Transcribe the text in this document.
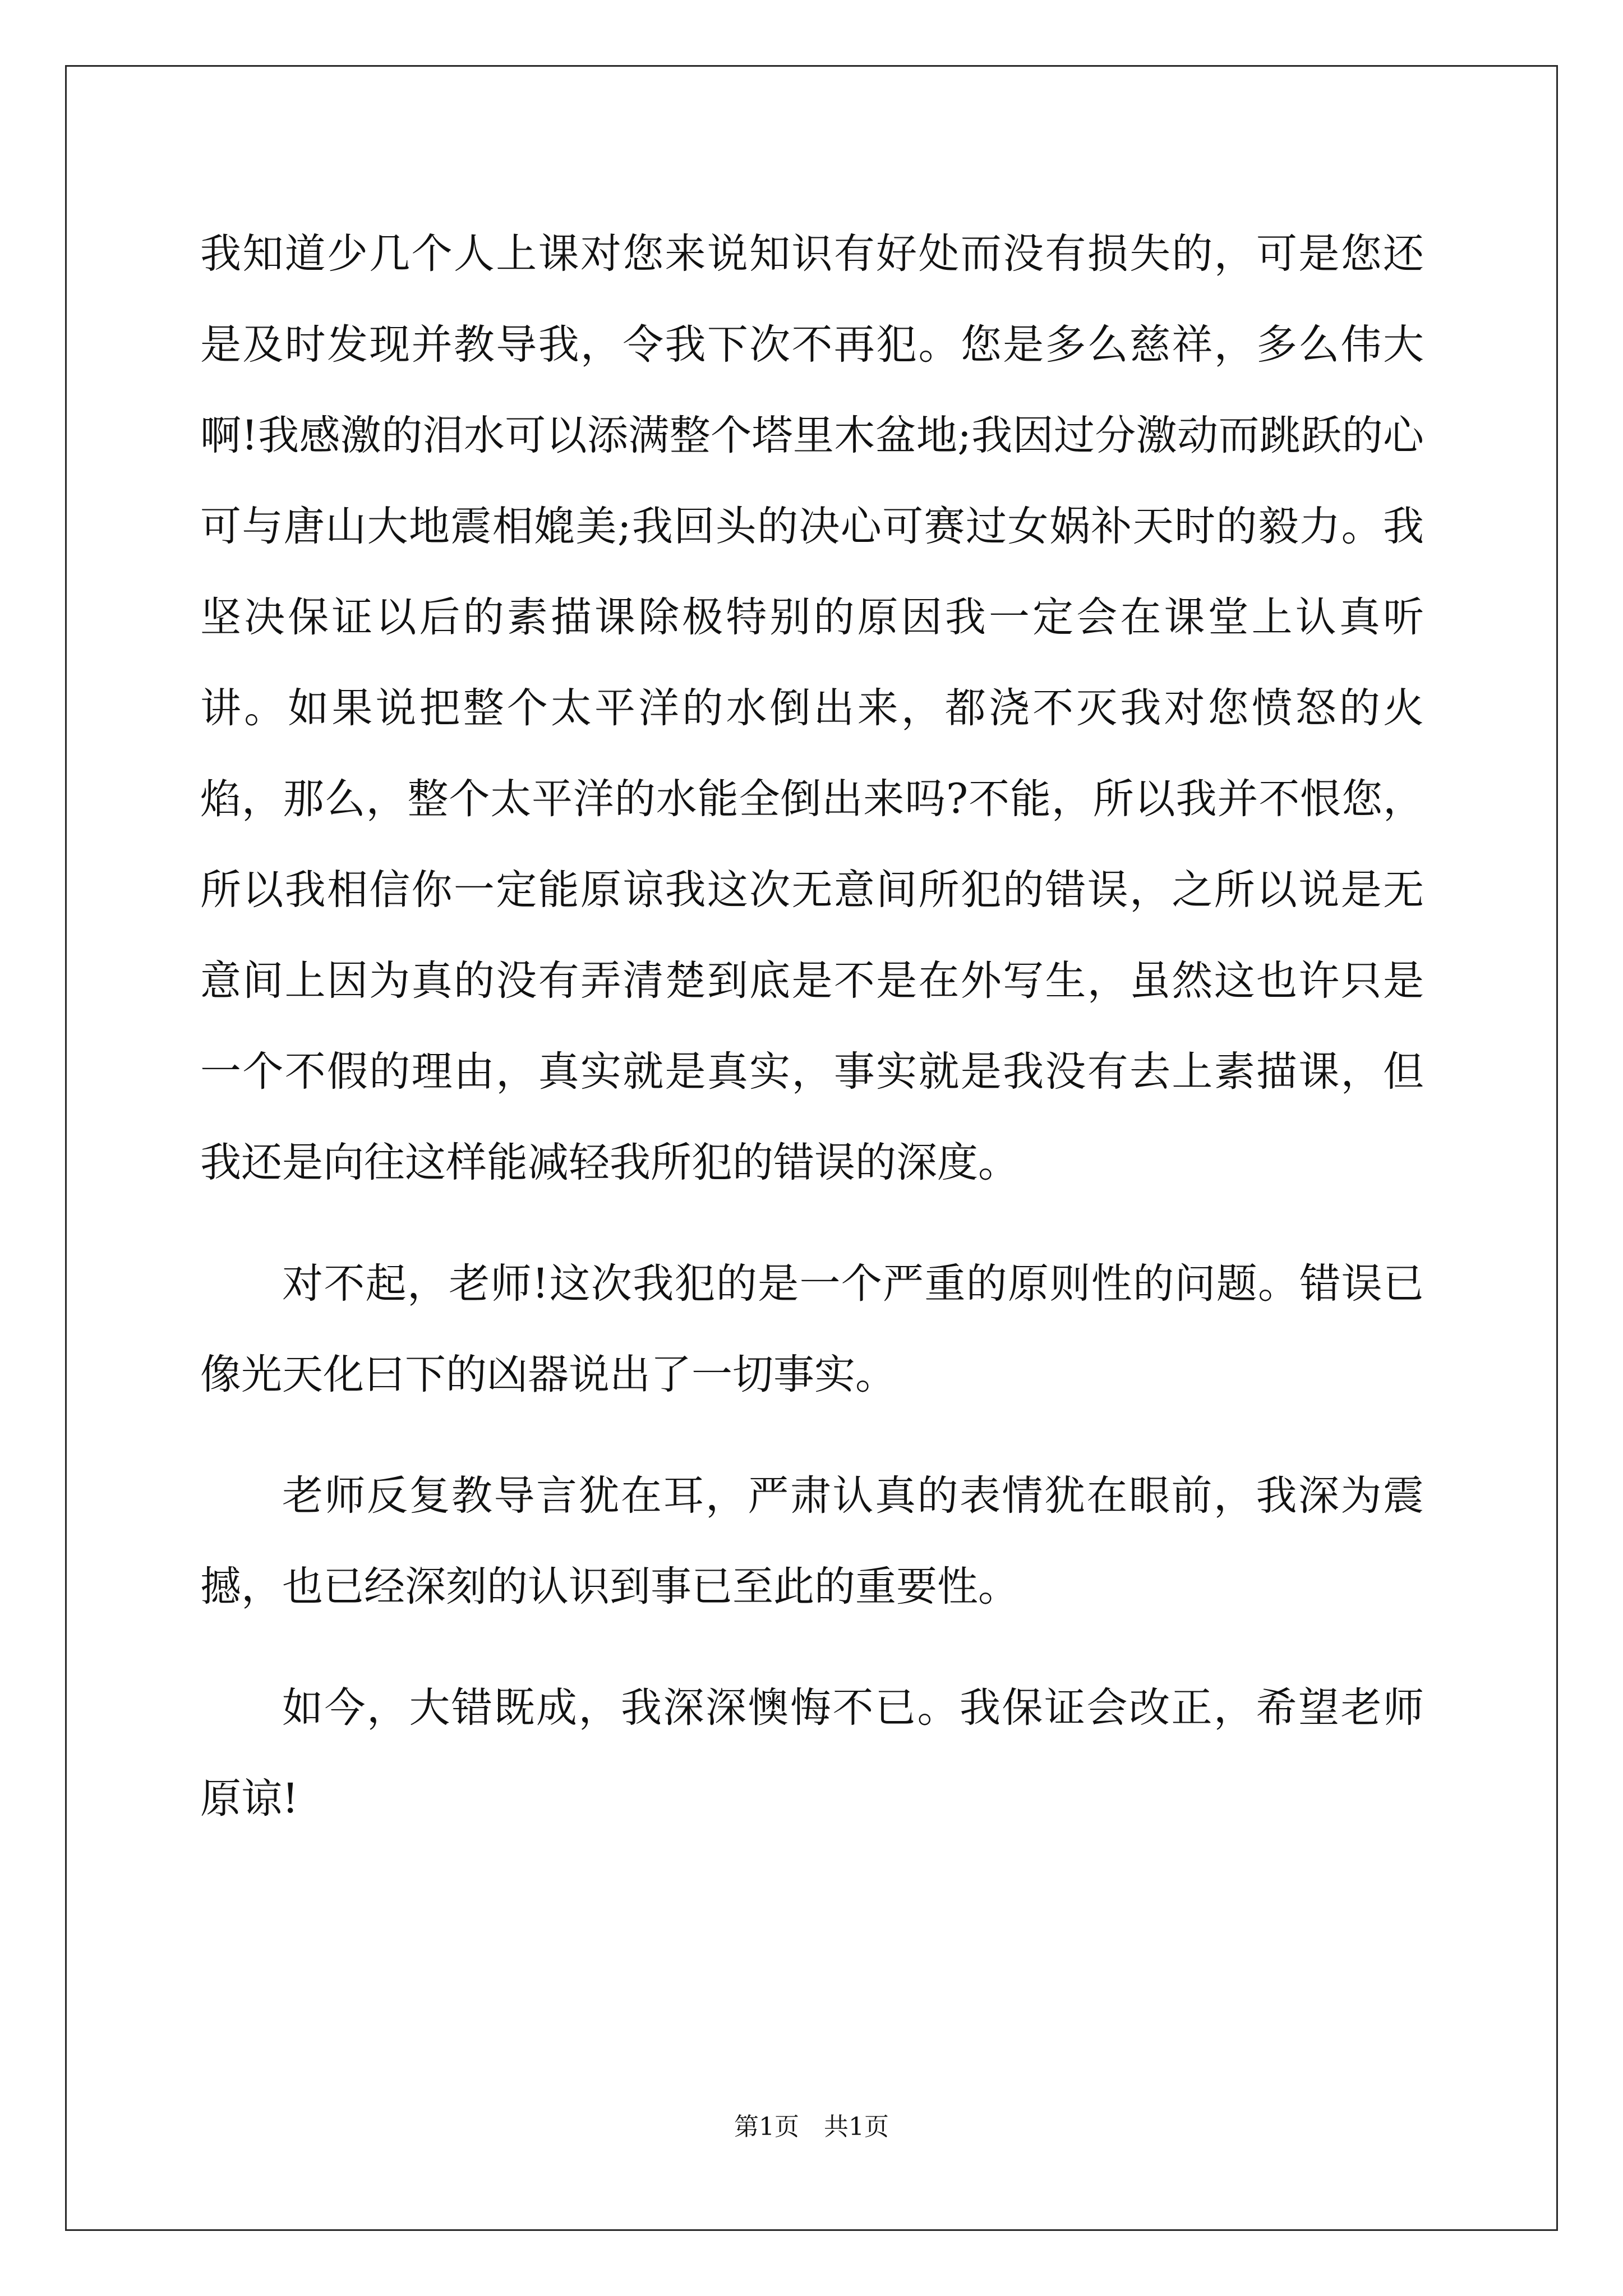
我知道少几个人上课对您来说知识有好处而没有损失的，可是您还是及时发现并教导我，令我下次不再犯。您是多么慈祥，多么伟大啊!我感激的泪水可以添满整个塔里木盆地;我因过分激动而跳跃的心可与唐山大地震相媲美;我回头的决心可赛过女娲补天时的毅力。我坚决保证以后的素描课除极特别的原因我一定会在课堂上认真听讲。如果说把整个太平洋的水倒出来，都浇不灭我对您愤怒的火焰，那么，整个太平洋的水能全倒出来吗?不能，所以我并不恨您，所以我相信你一定能原谅我这次无意间所犯的错误，之所以说是无意间上因为真的没有弄清楚到底是不是在外写生，虽然这也许只是一个不假的理由，真实就是真实，事实就是我没有去上素描课，但我还是向往这样能减轻我所犯的错误的深度。

对不起，老师!这次我犯的是一个严重的原则性的问题。错误已像光天化曰下的凶器说出了一切事实。

老师反复教导言犹在耳，严肃认真的表情犹在眼前，我深为震撼，也已经深刻的认识到事已至此的重要性。

如今，大错既成，我深深懊悔不已。我保证会改正，希望老师原谅!

第1页　共1页
